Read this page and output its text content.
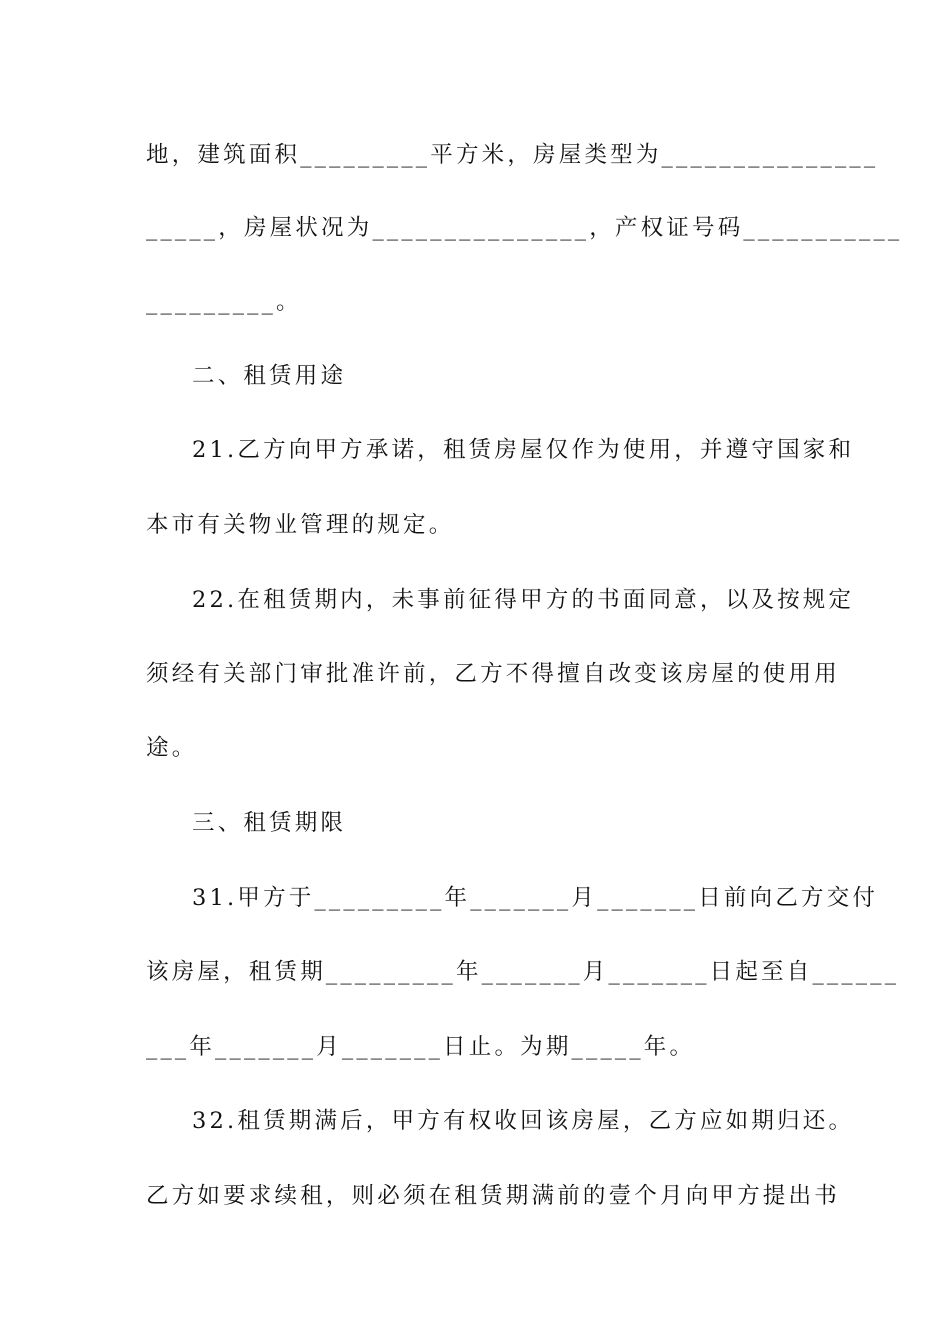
地，建筑面积_________平方米，房屋类型为_______________
_____，房屋状况为_______________，产权证号码___________
_________。
二、租赁用途
21.乙方向甲方承诺，租赁房屋仅作为使用，并遵守国家和
本市有关物业管理的规定。
22.在租赁期内，未事前征得甲方的书面同意，以及按规定
须经有关部门审批准许前，乙方不得擅自改变该房屋的使用用
途。
三、租赁期限
31.甲方于_________年_______月_______日前向乙方交付
该房屋，租赁期_________年_______月_______日起至自______
___年_______月_______日止。为期_____年。
32.租赁期满后，甲方有权收回该房屋，乙方应如期归还。
乙方如要求续租，则必须在租赁期满前的壹个月向甲方提出书
